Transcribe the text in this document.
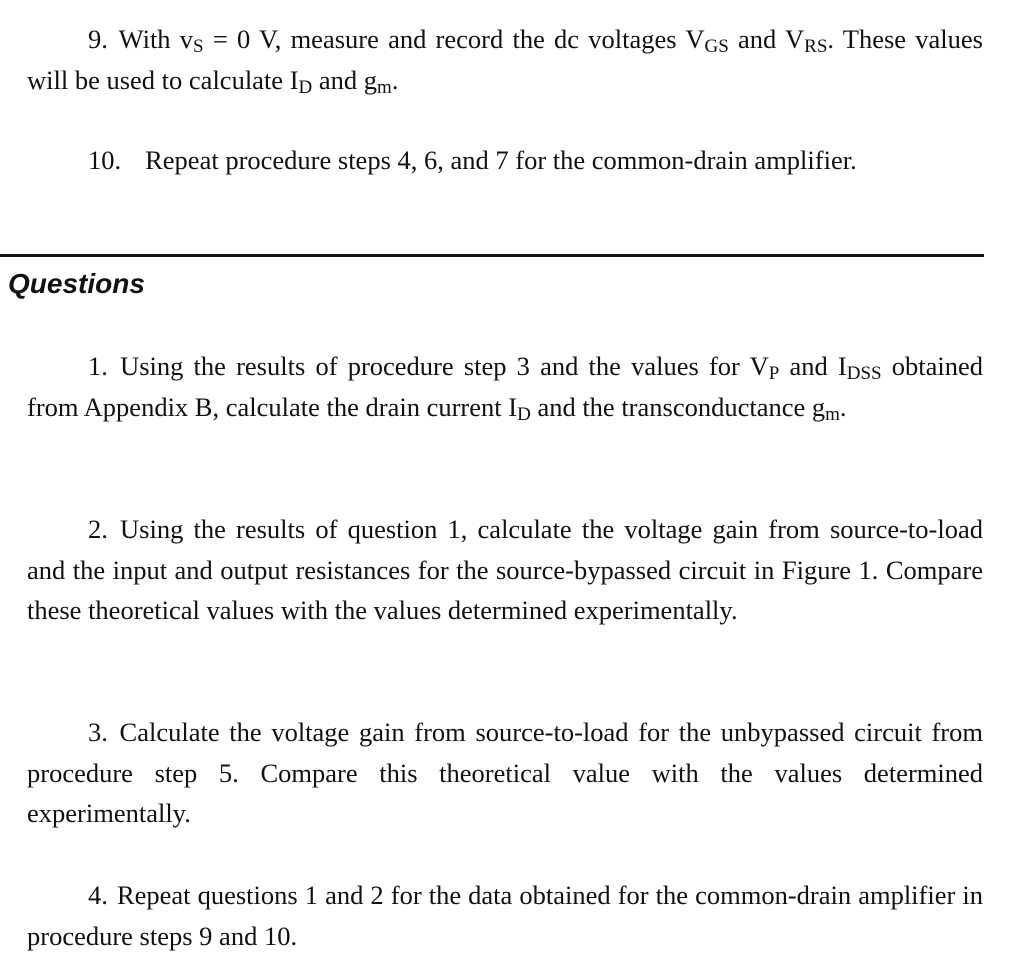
9. With $v_S = 0$ V, measure and record the dc voltages $V_{GS}$ and $V_{RS}$. These values will be used to calculate $I_D$ and $g_m$.

10. Repeat procedure steps 4, 6, and 7 for the common-drain amplifier.

Questions

1. Using the results of procedure step 3 and the values for $V_P$ and $I_{DSS}$ obtained from Appendix B, calculate the drain current $I_D$ and the transconductance $g_m$.

2. Using the results of question 1, calculate the voltage gain from source-to-load and the input and output resistances for the source-bypassed circuit in Figure 1. Compare these theoretical values with the values determined experimentally.

3. Calculate the voltage gain from source-to-load for the unbypassed circuit from procedure step 5. Compare this theoretical value with the values determined experimentally.

4. Repeat questions 1 and 2 for the data obtained for the common-drain amplifier in procedure steps 9 and 10.
